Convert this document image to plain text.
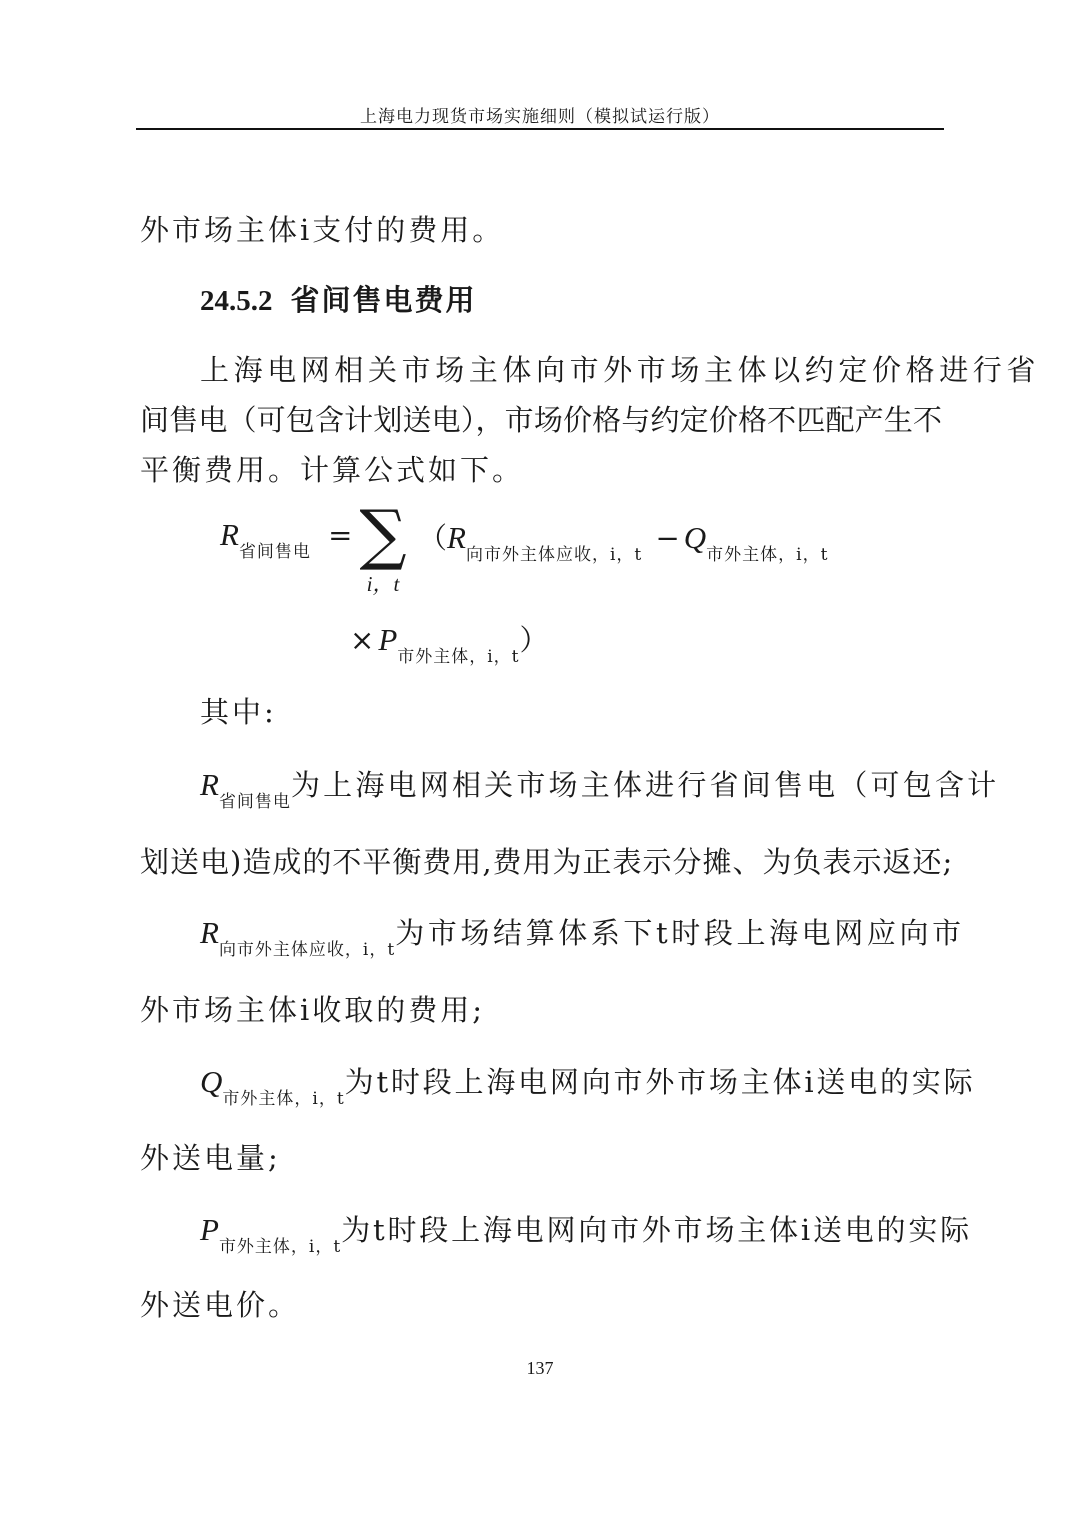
上海电力现货市场实施细则（模拟试运行版）
外市场主体i支付的费用。
24.5.2 省间售电费用
上海电网相关市场主体向市外市场主体以约定价格进行省
间售电（可包含计划送电），市场价格与约定价格不匹配产生不
平衡费用。计算公式如下。
$R_{省间售电}$ = ∑
i，t
（$R_{向市外主体应收,i,t} - Q_{市外主体,i,t}$
× $P_{市外主体,i,t}$）
其中:
$R_{省间售电}$为上海电网相关市场主体进行省间售电（可包含计
划送电)造成的不平衡费用,费用为正表示分摊、为负表示返还;
$R_{向市外主体应收,i,t}$为市场结算体系下t时段上海电网应向市
外市场主体i收取的费用;
$Q_{市外主体,i,t}$为t时段上海电网向市外市场主体i送电的实际
外送电量;
$P_{市外主体,i,t}$为t时段上海电网向市外市场主体i送电的实际
外送电价。
137
